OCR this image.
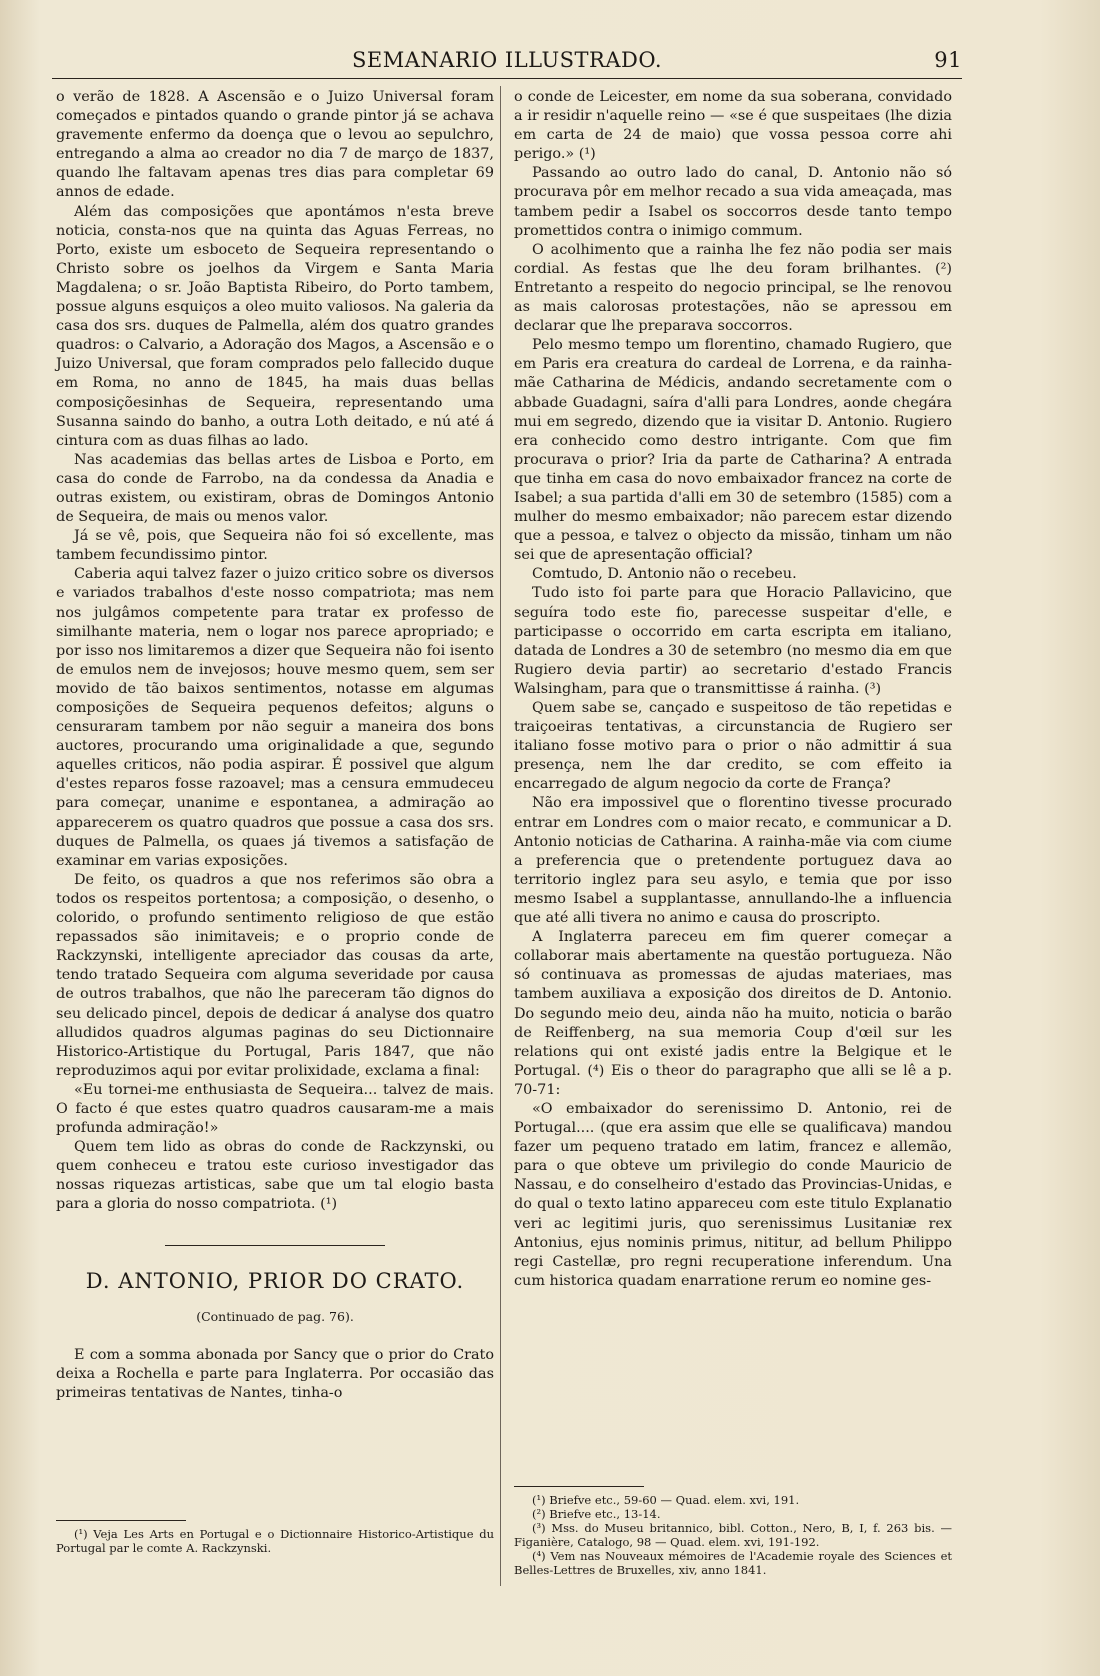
SEMANARIO ILLUSTRADO.	91

o verão de 1828. A Ascensão e o Juizo Universal foram começados e pintados quando o grande pintor já se achava gravemente enfermo da doença que o levou ao sepulchro, entregando a alma ao creador no dia 7 de março de 1837, quando lhe faltavam apenas tres dias para completar 69 annos de edade.

Além das composições que apontámos n'esta breve noticia, consta-nos que na quinta das Aguas Ferreas, no Porto, existe um esboceto de Sequeira representando o Christo sobre os joelhos da Virgem e Santa Maria Magdalena; o sr. João Baptista Ribeiro, do Porto tambem, possue alguns esquiços a oleo muito valiosos. Na galeria da casa dos srs. duques de Palmella, além dos quatro grandes quadros: o Calvario, a Adoração dos Magos, a Ascensão e o Juizo Universal, que foram comprados pelo fallecido duque em Roma, no anno de 1845, ha mais duas bellas composiçõesinhas de Sequeira, representando uma Susanna saindo do banho, a outra Loth deitado, e nú até á cintura com as duas filhas ao lado.

Nas academias das bellas artes de Lisboa e Porto, em casa do conde de Farrobo, na da condessa da Anadia e outras existem, ou existiram, obras de Domingos Antonio de Sequeira, de mais ou menos valor.

Já se vê, pois, que Sequeira não foi só excellente, mas tambem fecundissimo pintor.

Caberia aqui talvez fazer o juizo critico sobre os diversos e variados trabalhos d'este nosso compatriota; mas nem nos julgâmos competente para tratar ex professo de similhante materia, nem o logar nos parece apropriado; e por isso nos limitaremos a dizer que Sequeira não foi isento de emulos nem de invejosos; houve mesmo quem, sem ser movido de tão baixos sentimentos, notasse em algumas composições de Sequeira pequenos defeitos; alguns o censuraram tambem por não seguir a maneira dos bons auctores, procurando uma originalidade a que, segundo aquelles criticos, não podia aspirar. É possivel que algum d'estes reparos fosse razoavel; mas a censura emmudeceu para começar, unanime e espontanea, a admiração ao apparecerem os quatro quadros que possue a casa dos srs. duques de Palmella, os quaes já tivemos a satisfação de examinar em varias exposições.

De feito, os quadros a que nos referimos são obra a todos os respeitos portentosa; a composição, o desenho, o colorido, o profundo sentimento religioso de que estão repassados são inimitaveis; e o proprio conde de Rackzynski, intelligente apreciador das cousas da arte, tendo tratado Sequeira com alguma severidade por causa de outros trabalhos, que não lhe pareceram tão dignos do seu delicado pincel, depois de dedicar á analyse dos quatro alludidos quadros algumas paginas do seu Dictionnaire Historico-Artistique du Portugal, Paris 1847, que não reproduzimos aqui por evitar prolixidade, exclama a final:

«Eu tornei-me enthusiasta de Sequeira... talvez de mais. O facto é que estes quatro quadros causaram-me a mais profunda admiração!»

Quem tem lido as obras do conde de Rackzynski, ou quem conheceu e tratou este curioso investigador das nossas riquezas artisticas, sabe que um tal elogio basta para a gloria do nosso compatriota. (¹)

D. ANTONIO, PRIOR DO CRATO.
(Continuado de pag. 76).

E com a somma abonada por Sancy que o prior do Crato deixa a Rochella e parte para Inglaterra. Por occasião das primeiras tentativas de Nantes, tinha-o

(¹) Veja Les Arts en Portugal e o Dictionnaire Historico-Artistique du Portugal par le comte A. Rackzynski.

o conde de Leicester, em nome da sua soberana, convidado a ir residir n'aquelle reino — «se é que suspeitaes (lhe dizia em carta de 24 de maio) que vossa pessoa corre ahi perigo.» (¹)

Passando ao outro lado do canal, D. Antonio não só procurava pôr em melhor recado a sua vida ameaçada, mas tambem pedir a Isabel os soccorros desde tanto tempo promettidos contra o inimigo commum.

O acolhimento que a rainha lhe fez não podia ser mais cordial. As festas que lhe deu foram brilhantes. (²) Entretanto a respeito do negocio principal, se lhe renovou as mais calorosas protestações, não se apressou em declarar que lhe preparava soccorros.

Pelo mesmo tempo um florentino, chamado Rugiero, que em Paris era creatura do cardeal de Lorrena, e da rainha-mãe Catharina de Médicis, andando secretamente com o abbade Guadagni, saíra d'alli para Londres, aonde chegára mui em segredo, dizendo que ia visitar D. Antonio. Rugiero era conhecido como destro intrigante. Com que fim procurava o prior? Iria da parte de Catharina? A entrada que tinha em casa do novo embaixador francez na corte de Isabel; a sua partida d'alli em 30 de setembro (1585) com a mulher do mesmo embaixador; não parecem estar dizendo que a pessoa, e talvez o objecto da missão, tinham um não sei que de apresentação official?

Comtudo, D. Antonio não o recebeu.

Tudo isto foi parte para que Horacio Pallavicino, que seguíra todo este fio, parecesse suspeitar d'elle, e participasse o occorrido em carta escripta em italiano, datada de Londres a 30 de setembro (no mesmo dia em que Rugiero devia partir) ao secretario d'estado Francis Walsingham, para que o transmittisse á rainha. (³)

Quem sabe se, cançado e suspeitoso de tão repetidas e traiçoeiras tentativas, a circunstancia de Rugiero ser italiano fosse motivo para o prior o não admittir á sua presença, nem lhe dar credito, se com effeito ia encarregado de algum negocio da corte de França?

Não era impossivel que o florentino tivesse procurado entrar em Londres com o maior recato, e communicar a D. Antonio noticias de Catharina. A rainha-mãe via com ciume a preferencia que o pretendente portuguez dava ao territorio inglez para seu asylo, e temia que por isso mesmo Isabel a supplantasse, annullando-lhe a influencia que até alli tivera no animo e causa do proscripto.

A Inglaterra pareceu em fim querer começar a collaborar mais abertamente na questão portugueza. Não só continuava as promessas de ajudas materiaes, mas tambem auxiliava a exposição dos direitos de D. Antonio. Do segundo meio deu, ainda não ha muito, noticia o barão de Reiffenberg, na sua memoria Coup d'œil sur les relations qui ont existé jadis entre la Belgique et le Portugal. (⁴) Eis o theor do paragrapho que alli se lê a p. 70-71:

«O embaixador do serenissimo D. Antonio, rei de Portugal.... (que era assim que elle se qualificava) mandou fazer um pequeno tratado em latim, francez e allemão, para o que obteve um privilegio do conde Mauricio de Nassau, e do conselheiro d'estado das Provincias-Unidas, e do qual o texto latino appareceu com este titulo Explanatio veri ac legitimi juris, quo serenissimus Lusitaniæ rex Antonius, ejus nominis primus, nititur, ad bellum Philippo regi Castellæ, pro regni recuperatione inferendum. Una cum historica quadam enarratione rerum eo nomine ges-

(¹) Briefve etc., 59-60 — Quad. elem. xvi, 191.

(²) Briefve etc., 13-14.

(³) Mss. do Museu britannico, bibl. Cotton., Nero, B, I, f. 263 bis. — Figanière, Catalogo, 98 — Quad. elem. xvi, 191-192.

(⁴) Vem nas Nouveaux mémoires de l'Academie royale des Sciences et Belles-Lettres de Bruxelles, xiv, anno 1841.
